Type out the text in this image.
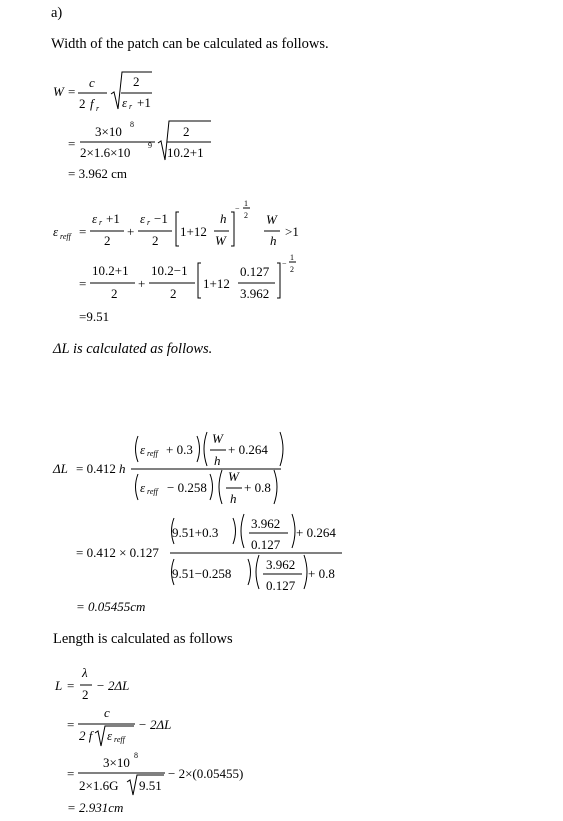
a)
Width of the patch can be calculated as follows.
W =
c
2 f r
2
ε r +1
=
3×10 8
2×1.6×10 9
2
10.2+1
= 3.962 cm
ε reff =
ε r +1
2
+
ε r −1
2
1+12
h
W
−
1
2 W
h
>1
=
10.2+1
2
+
10.2−1
2
1+12
0.127
3.962
−
1
2
=9.51
ΔL is calculated as follows.
ΔL = 0.412 h
ε reff + 0.3
W
h
+ 0.264
ε reff − 0.258
W
h
+ 0.8
= 0.412 × 0.127
9.51+0.3
3.962
0.127
+ 0.264
9.51−0.258
3.962
0.127
+ 0.8
= 0.05455cm
Length is calculated as follows
L =
λ
2
− 2ΔL
=
c
2 f ε reff
− 2ΔL
=
3×10 8
2×1.6G 9.51
− 2×(0.05455)
= 2.931cm
